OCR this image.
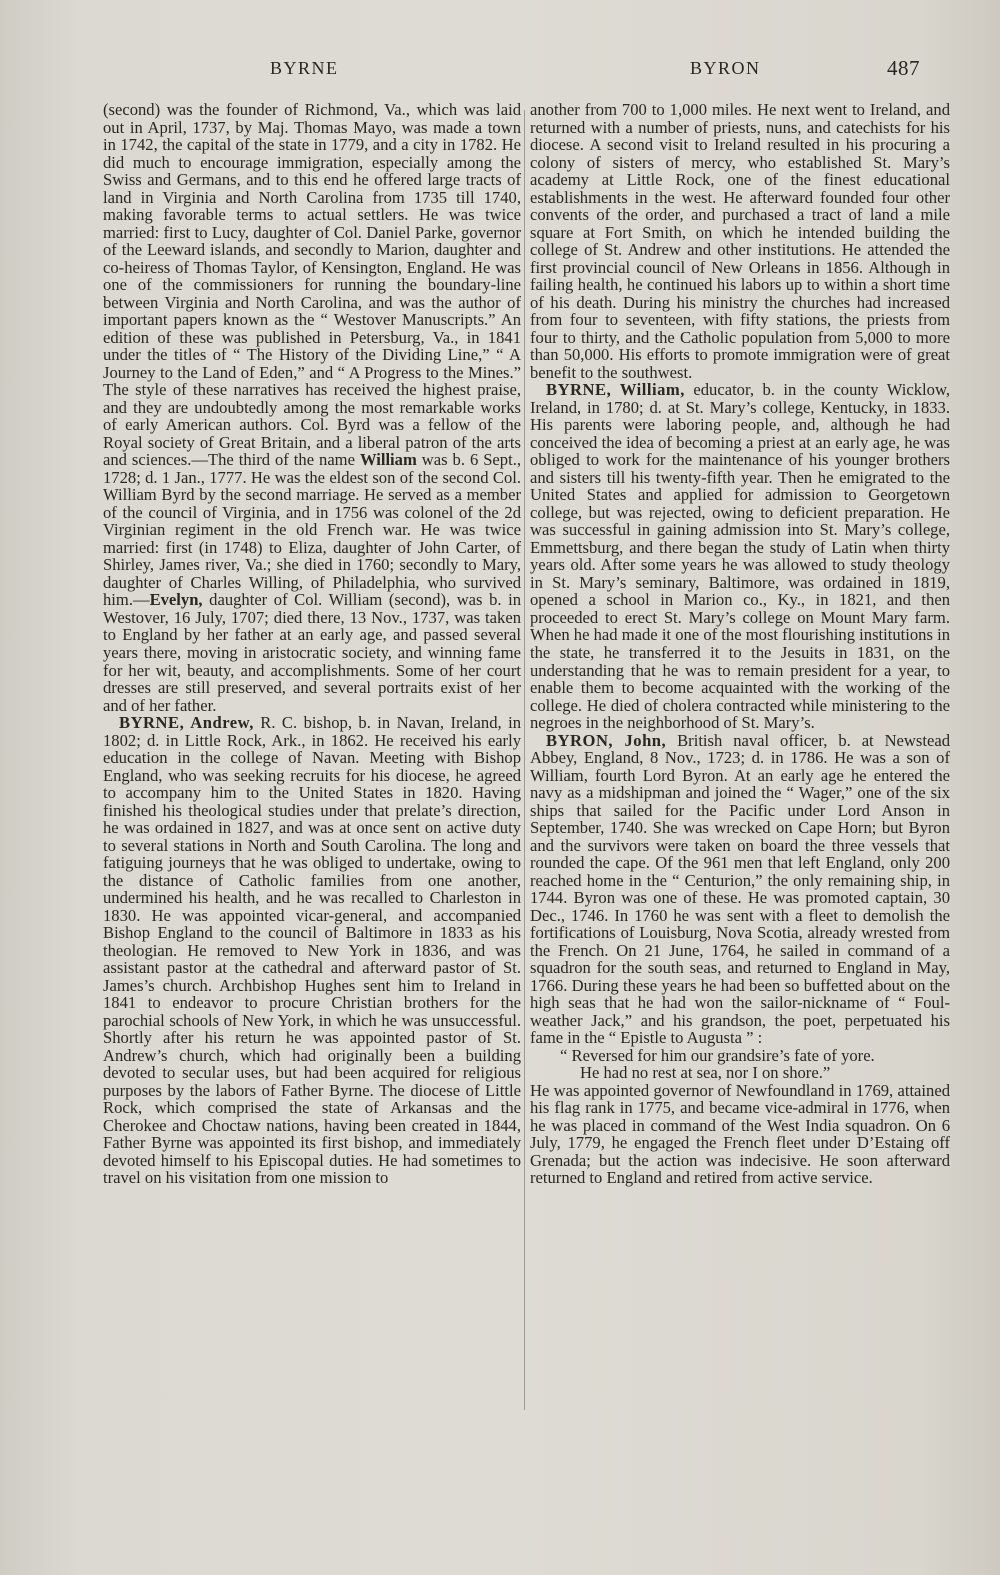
BYRNE	BYRON	487

(second) was the founder of Richmond, Va., which was laid out in April, 1737, by Maj. Thomas Mayo, was made a town in 1742, the capital of the state in 1779, and a city in 1782. He did much to encourage immigration, especially among the Swiss and Germans, and to this end he offered large tracts of land in Virginia and North Carolina from 1735 till 1740, making favorable terms to actual settlers. He was twice married: first to Lucy, daughter of Col. Daniel Parke, governor of the Leeward islands, and secondly to Marion, daughter and co-heiress of Thomas Taylor, of Kensington, England. He was one of the commissioners for running the boundary-line between Virginia and North Carolina, and was the author of important papers known as the “ Westover Manuscripts.” An edition of these was published in Petersburg, Va., in 1841 under the titles of “ The History of the Dividing Line,” “ A Journey to the Land of Eden,” and “ A Progress to the Mines.” The style of these narratives has received the highest praise, and they are undoubtedly among the most remarkable works of early American authors. Col. Byrd was a fellow of the Royal society of Great Britain, and a liberal patron of the arts and sciences.—The third of the name William was b. 6 Sept., 1728; d. 1 Jan., 1777. He was the eldest son of the second Col. William Byrd by the second marriage. He served as a member of the council of Virginia, and in 1756 was colonel of the 2d Virginian regiment in the old French war. He was twice married: first (in 1748) to Eliza, daughter of John Carter, of Shirley, James river, Va.; she died in 1760; secondly to Mary, daughter of Charles Willing, of Philadelphia, who survived him.—Evelyn, daughter of Col. William (second), was b. in Westover, 16 July, 1707; died there, 13 Nov., 1737, was taken to England by her father at an early age, and passed several years there, moving in aristocratic society, and winning fame for her wit, beauty, and accomplishments. Some of her court dresses are still preserved, and several portraits exist of her and of her father.

BYRNE, Andrew, R. C. bishop, b. in Navan, Ireland, in 1802; d. in Little Rock, Ark., in 1862. He received his early education in the college of Navan. Meeting with Bishop England, who was seeking recruits for his diocese, he agreed to accompany him to the United States in 1820. Having finished his theological studies under that prelate’s direction, he was ordained in 1827, and was at once sent on active duty to several stations in North and South Carolina. The long and fatiguing journeys that he was obliged to undertake, owing to the distance of Catholic families from one another, undermined his health, and he was recalled to Charleston in 1830. He was appointed vicar-general, and accompanied Bishop England to the council of Baltimore in 1833 as his theologian. He removed to New York in 1836, and was assistant pastor at the cathedral and afterward pastor of St. James’s church. Archbishop Hughes sent him to Ireland in 1841 to endeavor to procure Christian brothers for the parochial schools of New York, in which he was unsuccessful. Shortly after his return he was appointed pastor of St. Andrew’s church, which had originally been a building devoted to secular uses, but had been acquired for religious purposes by the labors of Father Byrne. The diocese of Little Rock, which comprised the state of Arkansas and the Cherokee and Choctaw nations, having been created in 1844, Father Byrne was appointed its first bishop, and immediately devoted himself to his Episcopal duties. He had sometimes to travel on his visitation from one mission to

another from 700 to 1,000 miles. He next went to Ireland, and returned with a number of priests, nuns, and catechists for his diocese. A second visit to Ireland resulted in his procuring a colony of sisters of mercy, who established St. Mary’s academy at Little Rock, one of the finest educational establishments in the west. He afterward founded four other convents of the order, and purchased a tract of land a mile square at Fort Smith, on which he intended building the college of St. Andrew and other institutions. He attended the first provincial council of New Orleans in 1856. Although in failing health, he continued his labors up to within a short time of his death. During his ministry the churches had increased from four to seventeen, with fifty stations, the priests from four to thirty, and the Catholic population from 5,000 to more than 50,000. His efforts to promote immigration were of great benefit to the southwest.

BYRNE, William, educator, b. in the county Wicklow, Ireland, in 1780; d. at St. Mary’s college, Kentucky, in 1833. His parents were laboring people, and, although he had conceived the idea of becoming a priest at an early age, he was obliged to work for the maintenance of his younger brothers and sisters till his twenty-fifth year. Then he emigrated to the United States and applied for admission to Georgetown college, but was rejected, owing to deficient preparation. He was successful in gaining admission into St. Mary’s college, Emmettsburg, and there began the study of Latin when thirty years old. After some years he was allowed to study theology in St. Mary’s seminary, Baltimore, was ordained in 1819, opened a school in Marion co., Ky., in 1821, and then proceeded to erect St. Mary’s college on Mount Mary farm. When he had made it one of the most flourishing institutions in the state, he transferred it to the Jesuits in 1831, on the understanding that he was to remain president for a year, to enable them to become acquainted with the working of the college. He died of cholera contracted while ministering to the negroes in the neighborhood of St. Mary’s.

BYRON, John, British naval officer, b. at Newstead Abbey, England, 8 Nov., 1723; d. in 1786. He was a son of William, fourth Lord Byron. At an early age he entered the navy as a midshipman and joined the “ Wager,” one of the six ships that sailed for the Pacific under Lord Anson in September, 1740. She was wrecked on Cape Horn; but Byron and the survivors were taken on board the three vessels that rounded the cape. Of the 961 men that left England, only 200 reached home in the “ Centurion,” the only remaining ship, in 1744. Byron was one of these. He was promoted captain, 30 Dec., 1746. In 1760 he was sent with a fleet to demolish the fortifications of Louisburg, Nova Scotia, already wrested from the French. On 21 June, 1764, he sailed in command of a squadron for the south seas, and returned to England in May, 1766. During these years he had been so buffetted about on the high seas that he had won the sailor-nickname of “ Foul-weather Jack,” and his grandson, the poet, perpetuated his fame in the “ Epistle to Augusta ” :

“ Reversed for him our grandsire’s fate of yore.

He had no rest at sea, nor I on shore.”

He was appointed governor of Newfoundland in 1769, attained his flag rank in 1775, and became vice-admiral in 1776, when he was placed in command of the West India squadron. On 6 July, 1779, he engaged the French fleet under D’Estaing off Grenada; but the action was indecisive. He soon afterward returned to England and retired from active service.
